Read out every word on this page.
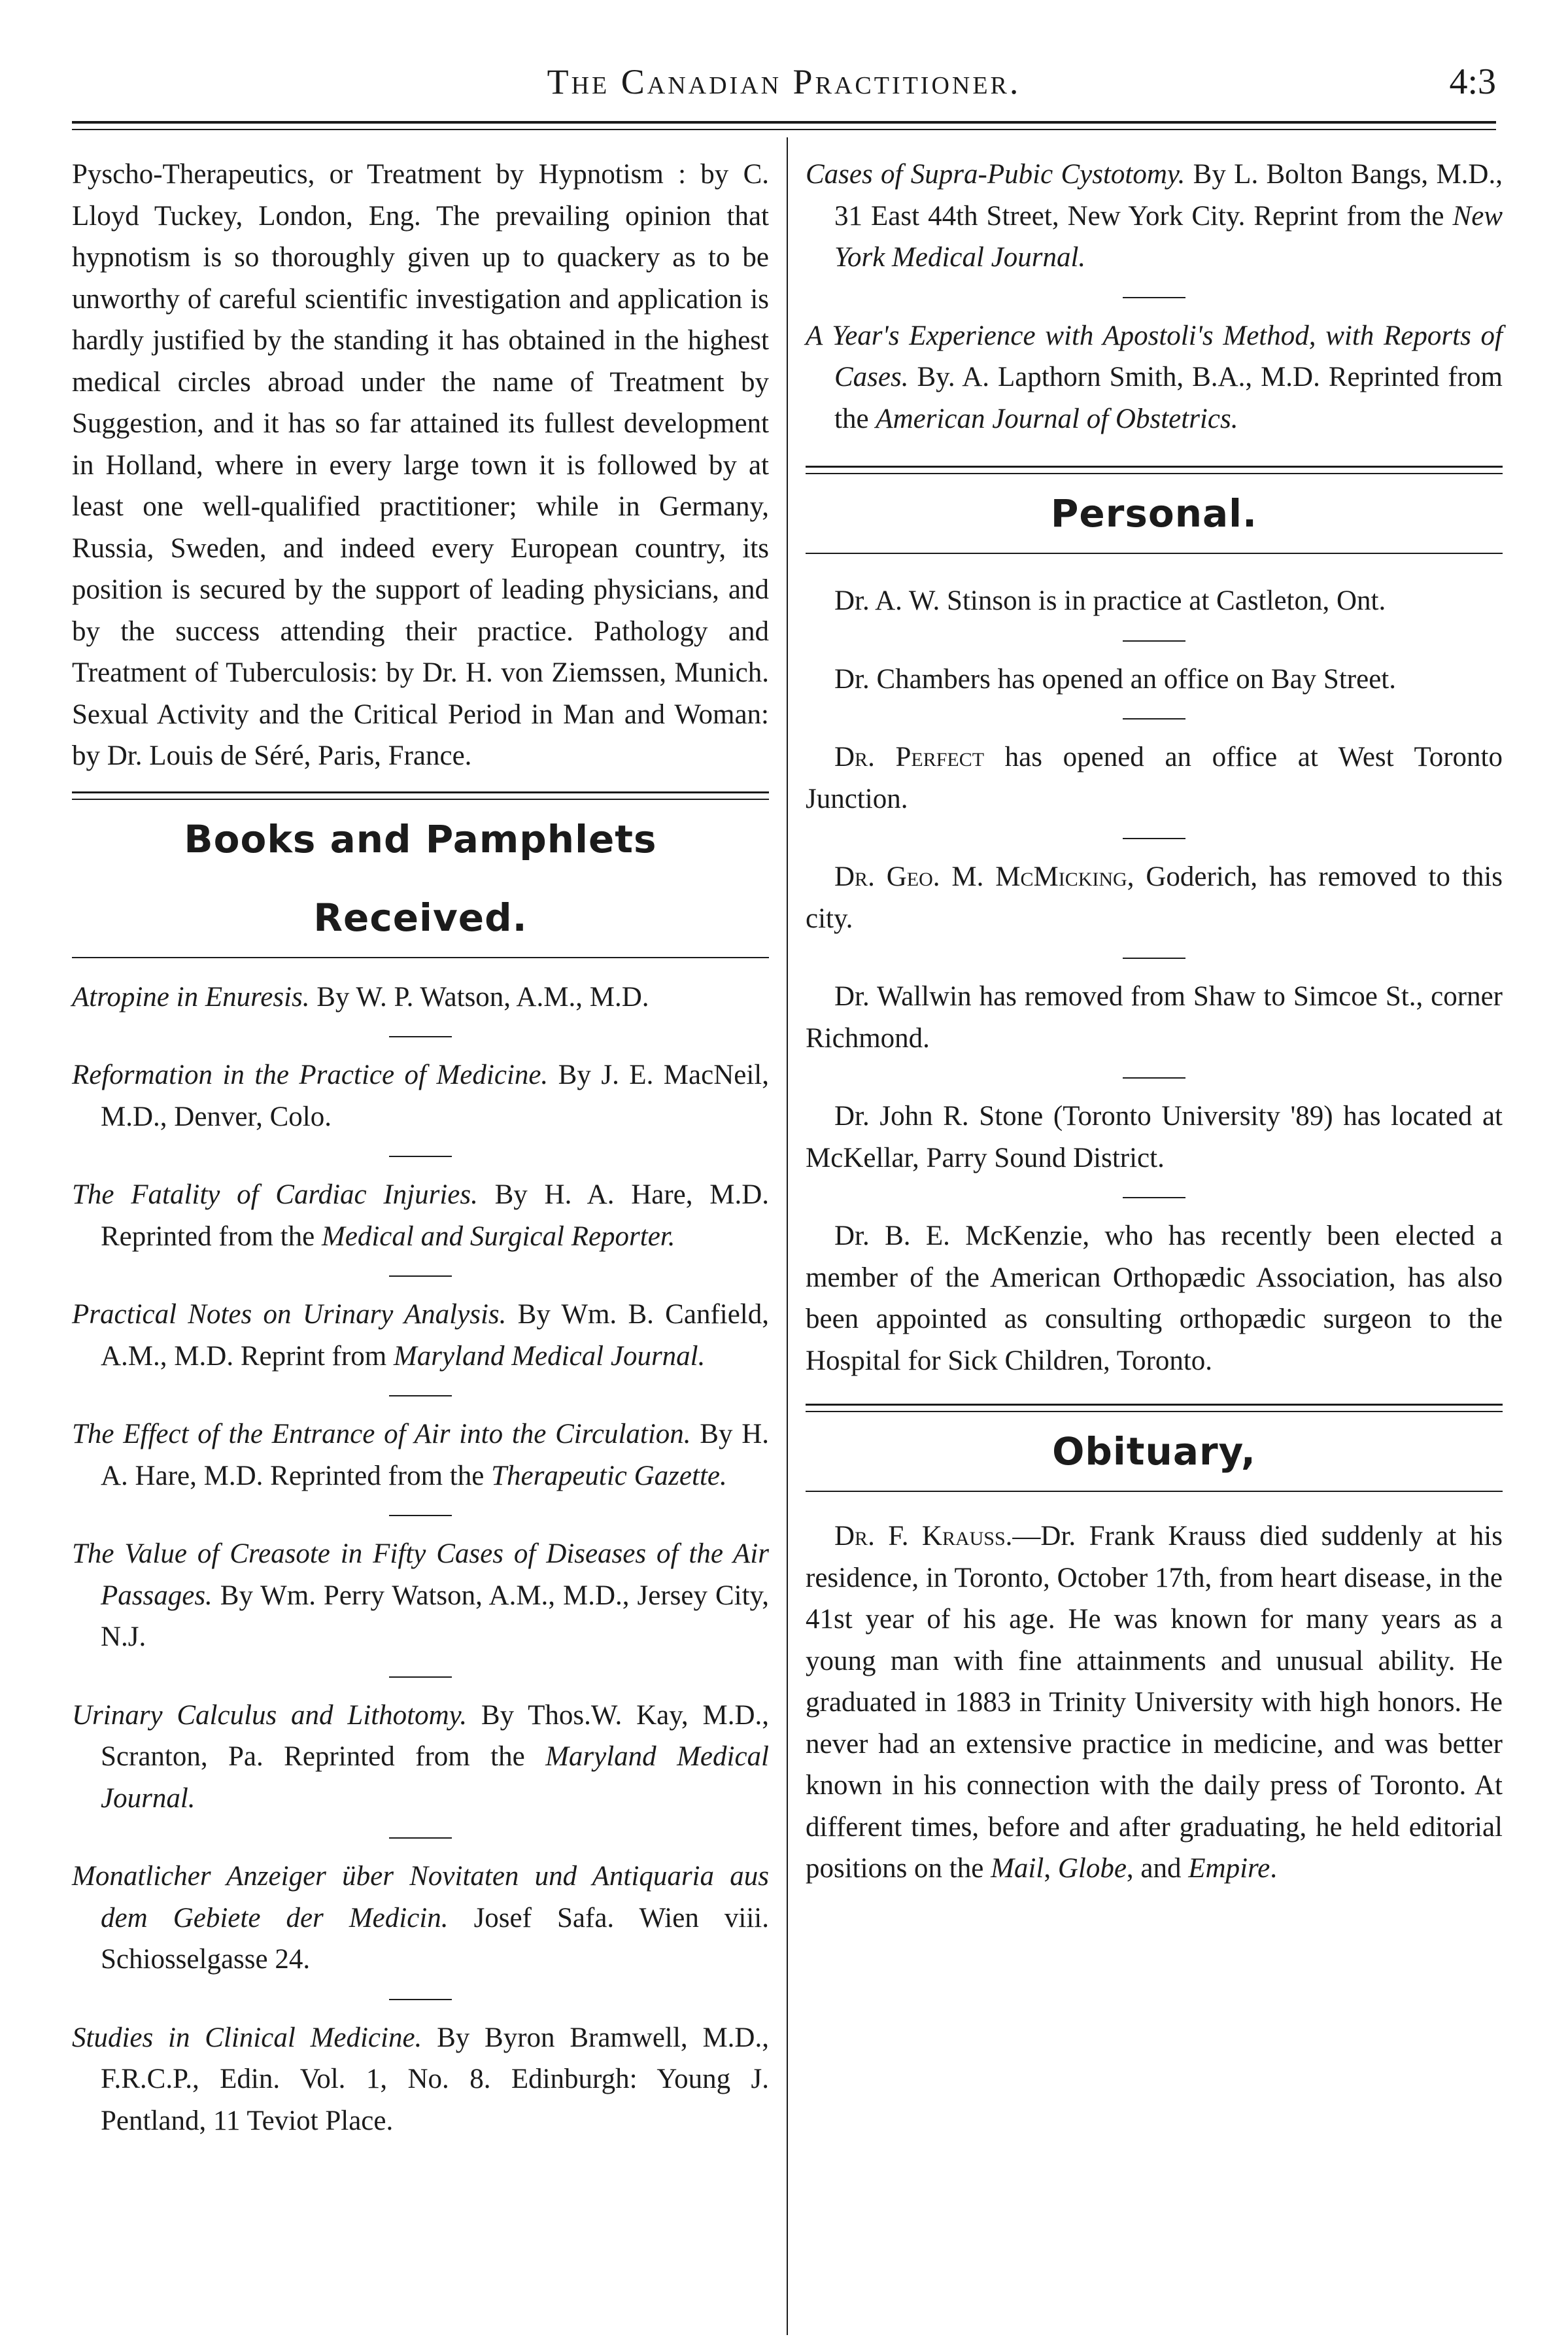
The Canadian Practitioner.	4:3

Pyscho-Therapeutics, or Treatment by Hypnotism : by C. Lloyd Tuckey, London, Eng. The prevailing opinion that hypnotism is so thoroughly given up to quackery as to be unworthy of careful scientific investigation and application is hardly justified by the standing it has obtained in the highest medical circles abroad under the name of Treatment by Suggestion, and it has so far attained its fullest development in Holland, where in every large town it is followed by at least one well-qualified practitioner; while in Germany, Russia, Sweden, and indeed every European country, its position is secured by the support of leading physicians, and by the success attending their practice. Pathology and Treatment of Tuberculosis: by Dr. H. von Ziemssen, Munich. Sexual Activity and the Critical Period in Man and Woman: by Dr. Louis de Séré, Paris, France.

Books and Pamphlets Received.

Atropine in Enuresis. By W. P. Watson, A.M., M.D.

Reformation in the Practice of Medicine. By J. E. MacNeil, M.D., Denver, Colo.

The Fatality of Cardiac Injuries. By H. A. Hare, M.D. Reprinted from the Medical and Surgical Reporter.

Practical Notes on Urinary Analysis. By Wm. B. Canfield, A.M., M.D. Reprint from Maryland Medical Journal.

The Effect of the Entrance of Air into the Circulation. By H. A. Hare, M.D. Reprinted from the Therapeutic Gazette.

The Value of Creasote in Fifty Cases of Diseases of the Air Passages. By Wm. Perry Watson, A.M., M.D., Jersey City, N.J.

Urinary Calculus and Lithotomy. By Thos.W. Kay, M.D., Scranton, Pa. Reprinted from the Maryland Medical Journal.

Monatlicher Anzeiger über Novitaten und Antiquaria aus dem Gebiete der Medicin. Josef Safa. Wien viii. Schiosselgasse 24.

Studies in Clinical Medicine. By Byron Bramwell, M.D., F.R.C.P., Edin. Vol. 1, No. 8. Edinburgh: Young J. Pentland, 11 Teviot Place.

Cases of Supra-Pubic Cystotomy. By L. Bolton Bangs, M.D., 31 East 44th Street, New York City. Reprint from the New York Medical Journal.

A Year's Experience with Apostoli's Method, with Reports of Cases. By. A. Lapthorn Smith, B.A., M.D. Reprinted from the American Journal of Obstetrics.

Personal.

Dr. A. W. Stinson is in practice at Castleton, Ont.

Dr. Chambers has opened an office on Bay Street.

Dr. Perfect has opened an office at West Toronto Junction.

Dr. Geo. M. McMicking, Goderich, has removed to this city.

Dr. Wallwin has removed from Shaw to Simcoe St., corner Richmond.

Dr. John R. Stone (Toronto University '89) has located at McKellar, Parry Sound District.

Dr. B. E. McKenzie, who has recently been elected a member of the American Orthopædic Association, has also been appointed as consulting orthopædic surgeon to the Hospital for Sick Children, Toronto.

Obituary,

Dr. F. Krauss.—Dr. Frank Krauss died suddenly at his residence, in Toronto, October 17th, from heart disease, in the 41st year of his age. He was known for many years as a young man with fine attainments and unusual ability. He graduated in 1883 in Trinity University with high honors. He never had an extensive practice in medicine, and was better known in his connection with the daily press of Toronto. At different times, before and after graduating, he held editorial positions on the Mail, Globe, and Empire.
